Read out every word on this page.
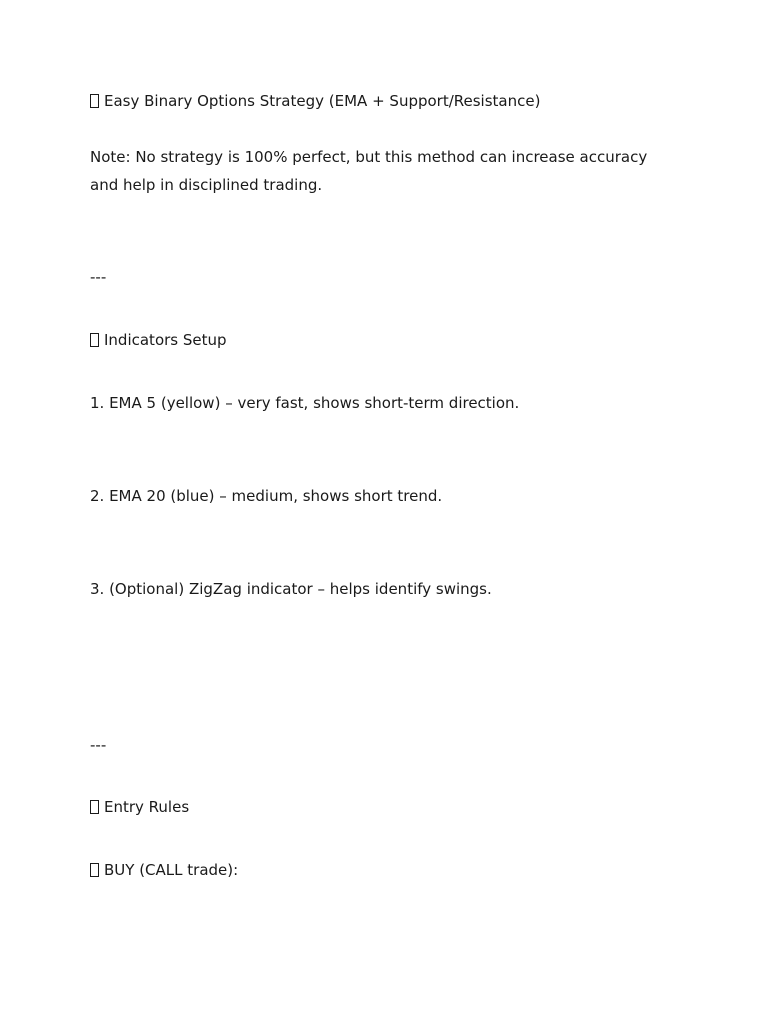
Easy Binary Options Strategy (EMA + Support/Resistance)

Note: No strategy is 100% perfect, but this method can increase accuracy and help in disciplined trading.

---

Indicators Setup

1. EMA 5 (yellow) – very fast, shows short-term direction.

2. EMA 20 (blue) – medium, shows short trend.

3. (Optional) ZigZag indicator – helps identify swings.

---

Entry Rules

BUY (CALL trade):
